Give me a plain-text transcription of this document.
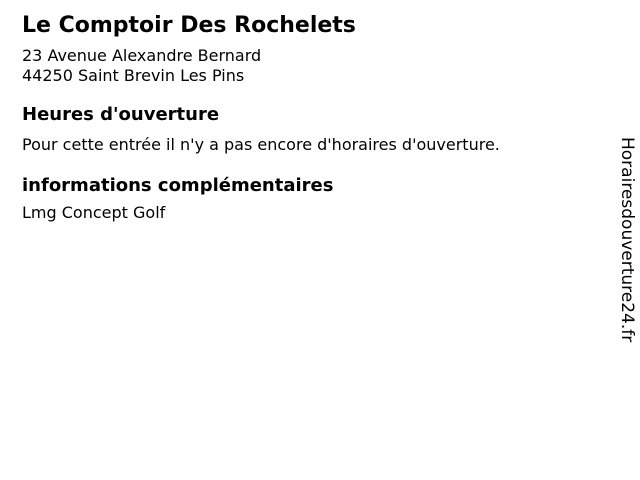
Le Comptoir Des Rochelets
23 Avenue Alexandre Bernard
44250 Saint Brevin Les Pins
Heures d'ouverture

Pour cette entrée il n'y a pas encore d'horaires d'ouverture.

informations complémentaires

Lmg Concept Golf	Horairesdouverture24.fr
